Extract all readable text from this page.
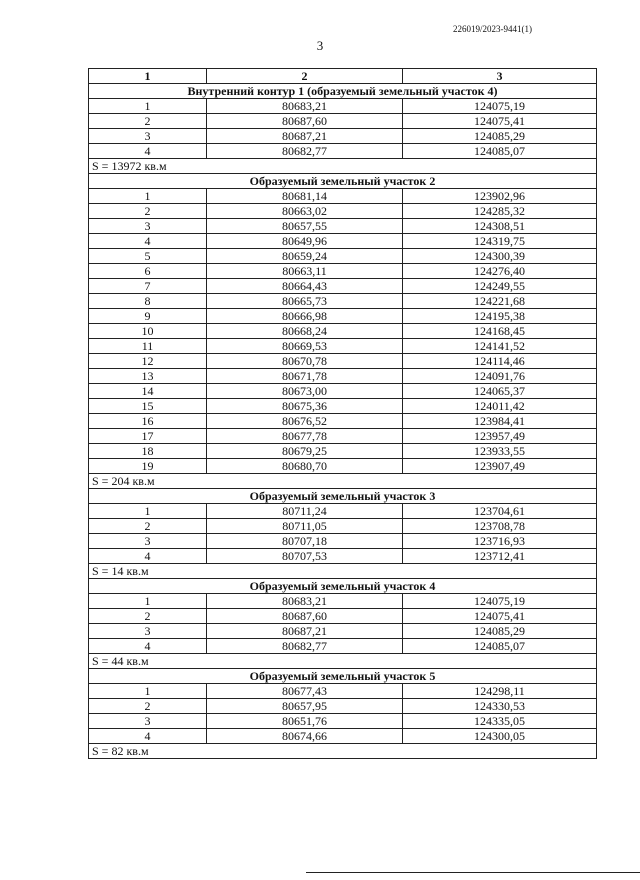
226019/2023-9441(1)
3
1	2	3
Внутренний контур 1 (образуемый земельный участок 4)		
1	80683,21	124075,19
2	80687,60	124075,41
3	80687,21	124085,29
4	80682,77	124085,07
S = 13972 кв.м		
Образуемый земельный участок 2		
1	80681,14	123902,96
2	80663,02	124285,32
3	80657,55	124308,51
4	80649,96	124319,75
5	80659,24	124300,39
6	80663,11	124276,40
7	80664,43	124249,55
8	80665,73	124221,68
9	80666,98	124195,38
10	80668,24	124168,45
11	80669,53	124141,52
12	80670,78	124114,46
13	80671,78	124091,76
14	80673,00	124065,37
15	80675,36	124011,42
16	80676,52	123984,41
17	80677,78	123957,49
18	80679,25	123933,55
19	80680,70	123907,49
S = 204 кв.м		
Образуемый земельный участок 3		
1	80711,24	123704,61
2	80711,05	123708,78
3	80707,18	123716,93
4	80707,53	123712,41
S = 14 кв.м		
Образуемый земельный участок 4		
1	80683,21	124075,19
2	80687,60	124075,41
3	80687,21	124085,29
4	80682,77	124085,07
S = 44 кв.м		
Образуемый земельный участок 5		
1	80677,43	124298,11
2	80657,95	124330,53
3	80651,76	124335,05
4	80674,66	124300,05
S = 82 кв.м		
